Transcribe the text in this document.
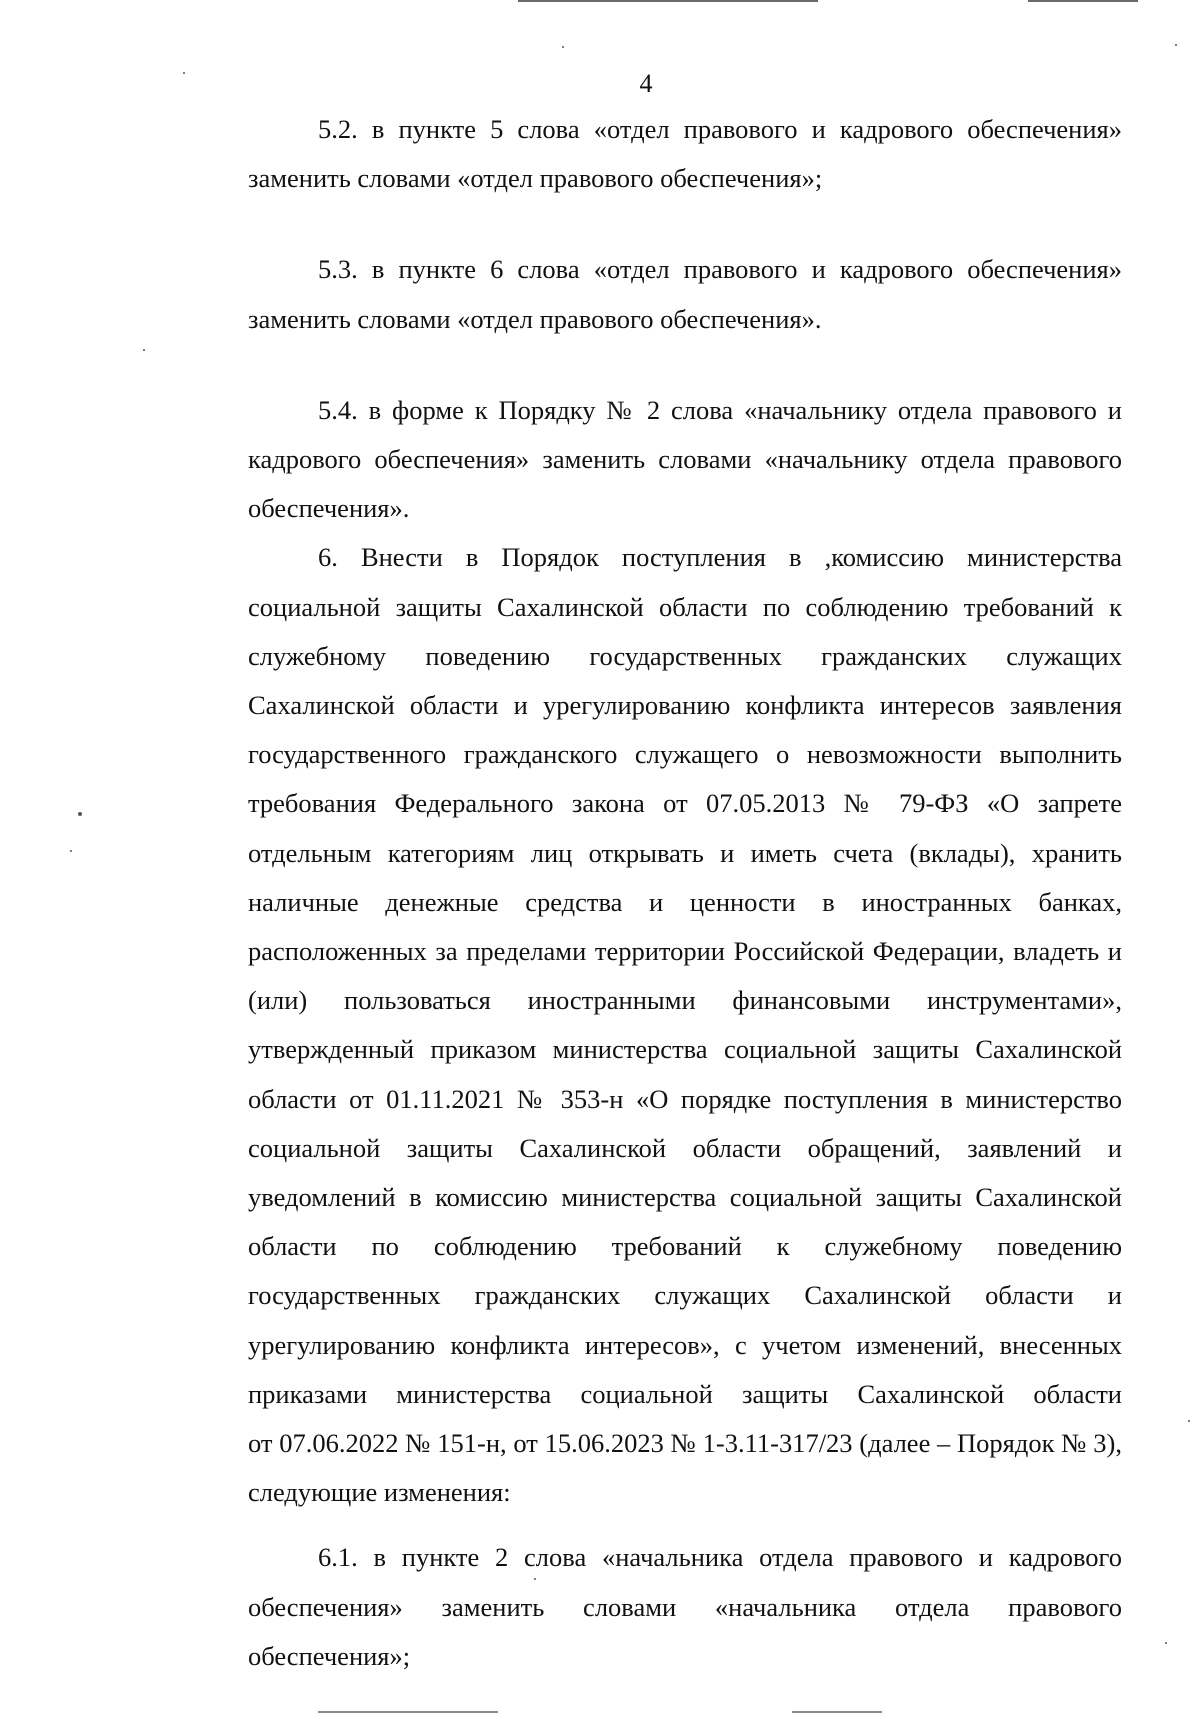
4
5.2. в пункте 5 слова «отдел правового и кадрового обеспечения»
заменить словами «отдел правового обеспечения»;
5.3. в пункте 6 слова «отдел правового и кадрового обеспечения»
заменить словами «отдел правового обеспечения».
5.4. в форме к Порядку № 2 слова «начальнику отдела правового и
кадрового обеспечения» заменить словами «начальнику отдела правового
обеспечения».
6. Внести в Порядок поступления в ,комиссию министерства
социальной защиты Сахалинской области по соблюдению требований к
служебному поведению государственных гражданских служащих
Сахалинской области и урегулированию конфликта интересов заявления
государственного гражданского служащего о невозможности выполнить
требования Федерального закона от 07.05.2013 № 79-ФЗ «О запрете
отдельным категориям лиц открывать и иметь счета (вклады), хранить
наличные денежные средства и ценности в иностранных банках,
расположенных за пределами территории Российской Федерации, владеть и
(или) пользоваться иностранными финансовыми инструментами»,
утвержденный приказом министерства социальной защиты Сахалинской
области от 01.11.2021 № 353-н «О порядке поступления в министерство
социальной защиты Сахалинской области обращений, заявлений и
уведомлений в комиссию министерства социальной защиты Сахалинской
области по соблюдению требований к служебному поведению
государственных гражданских служащих Сахалинской области и
урегулированию конфликта интересов», с учетом изменений, внесенных
приказами министерства социальной защиты Сахалинской области
от 07.06.2022 № 151-н, от 15.06.2023 № 1-3.11-317/23 (далее – Порядок № 3),
следующие изменения:
6.1. в пункте 2 слова «начальника отдела правового и кадрового
обеспечения» заменить словами «начальника отдела правового
обеспечения»;
